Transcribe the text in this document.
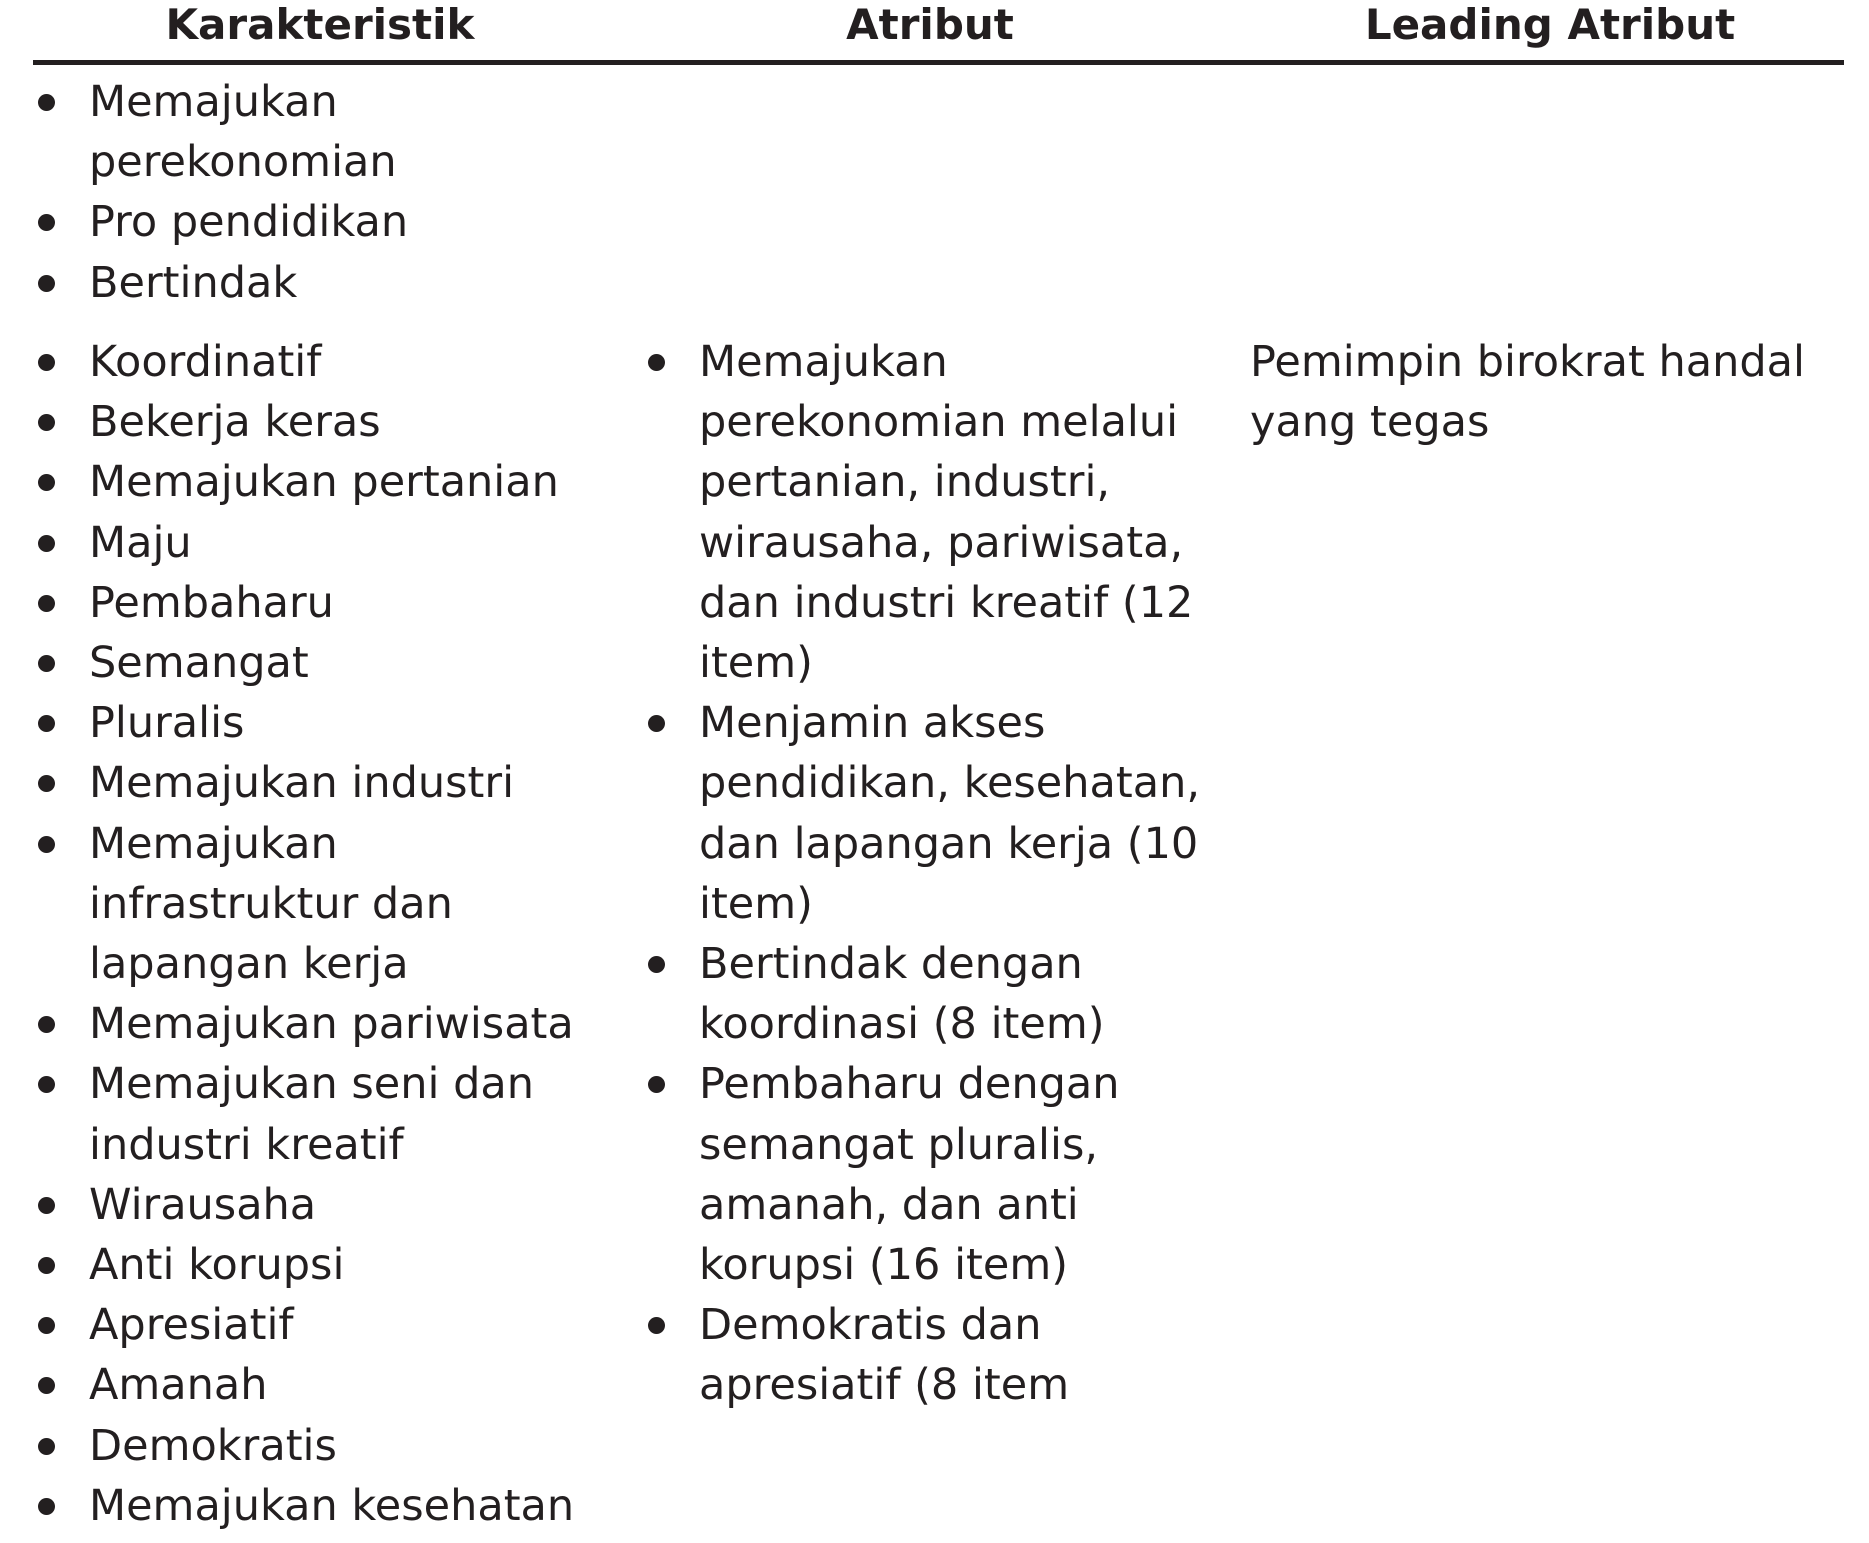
Karakteristik	Atribut	Leading Atribut
Memajukan perekonomian
Pro pendidikan
Bertindak
Koordinatif
Bekerja keras
Memajukan pertanian
Maju
Pembaharu
Semangat
Pluralis
Memajukan industri
Memajukan infrastruktur dan lapangan kerja
Memajukan pariwisata
Memajukan seni dan industri kreatif
Wirausaha
Anti korupsi
Apresiatif
Amanah
Demokratis
Memajukan kesehatan
Memajukan perekonomian melalui pertanian, industri, wirausaha, pariwisata, dan industri kreatif (12 item)
Menjamin akses pendidikan, kesehatan, dan lapangan kerja (10 item)
Bertindak dengan koordinasi (8 item)
Pembaharu dengan semangat pluralis, amanah, dan anti korupsi (16 item)
Demokratis dan apresiatif (8 item

Pemimpin birokrat handal yang tegas
